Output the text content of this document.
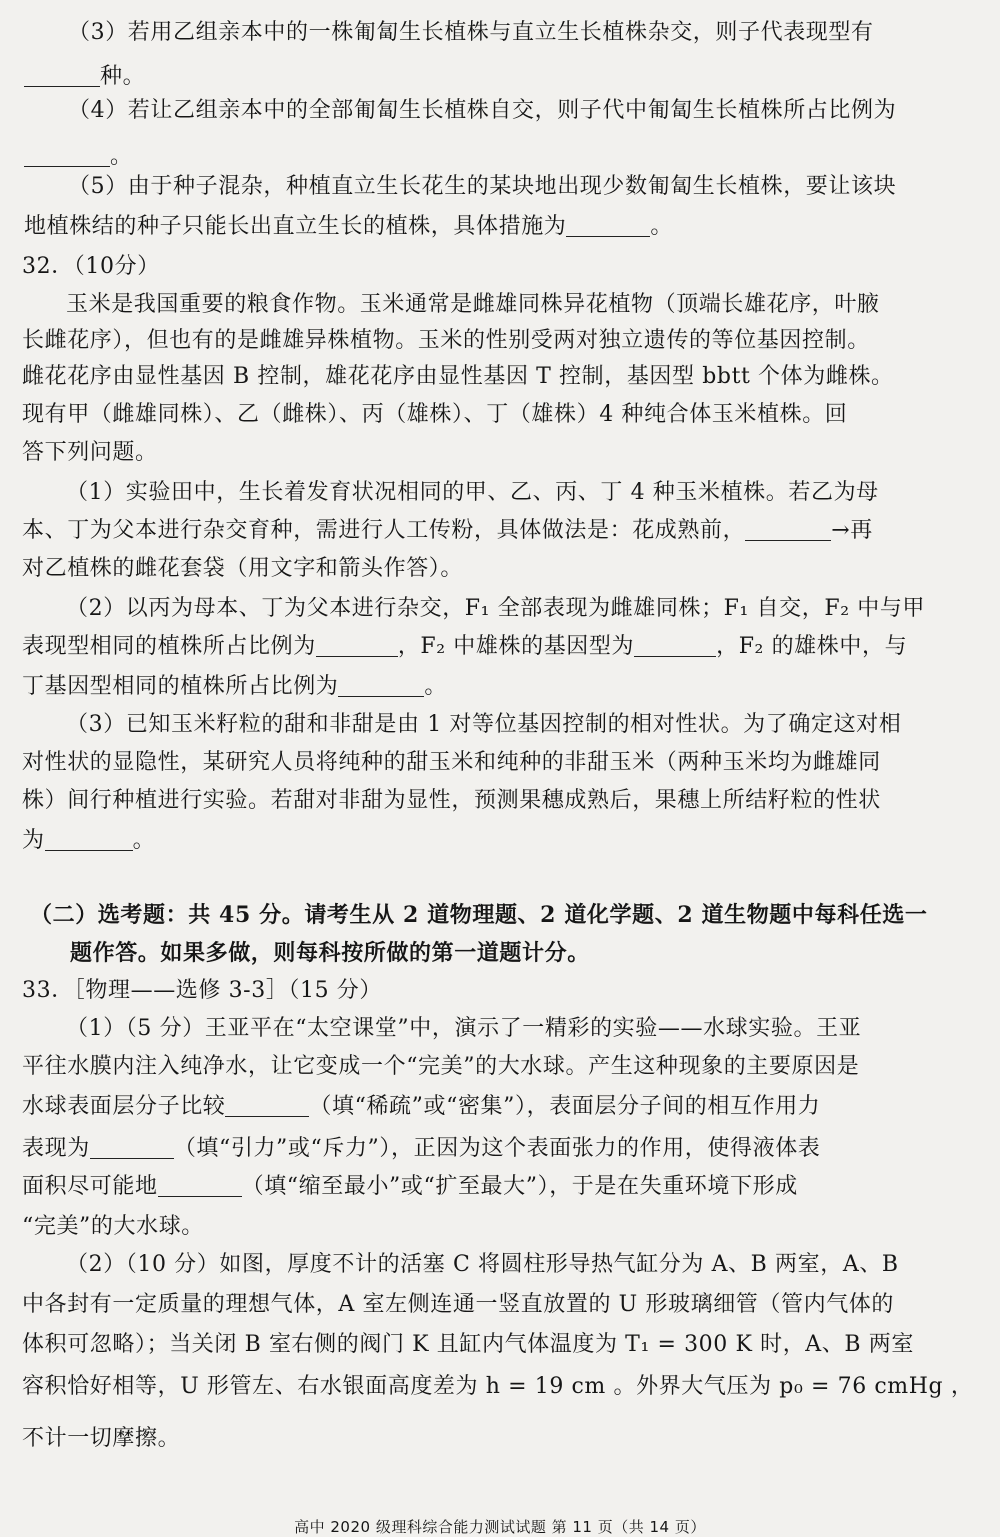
（3）若用乙组亲本中的一株匍匐生长植株与直立生长植株杂交，则子代表现型有
种。
（4）若让乙组亲本中的全部匍匐生长植株自交，则子代中匍匐生长植株所占比例为
。
（5）由于种子混杂，种植直立生长花生的某块地出现少数匍匐生长植株，要让该块
地植株结的种子只能长出直立生长的植株，具体措施为	。
32．（10分）
玉米是我国重要的粮食作物。玉米通常是雌雄同株异花植物（顶端长雄花序，叶腋
长雌花序），但也有的是雌雄异株植物。玉米的性别受两对独立遗传的等位基因控制。
雌花花序由显性基因 B 控制，雄花花序由显性基因 T 控制，基因型 bbtt 个体为雌株。
现有甲（雌雄同株）、乙（雌株）、丙（雄株）、丁（雄株）4 种纯合体玉米植株。回
答下列问题。
（1）实验田中，生长着发育状况相同的甲、乙、丙、丁 4 种玉米植株。若乙为母
本、丁为父本进行杂交育种，需进行人工传粉，具体做法是：花成熟前，	→再
对乙植株的雌花套袋（用文字和箭头作答）。
（2）以丙为母本、丁为父本进行杂交，F₁ 全部表现为雌雄同株；F₁ 自交，F₂ 中与甲
表现型相同的植株所占比例为	，F₂ 中雄株的基因型为	，F₂ 的雄株中，与
丁基因型相同的植株所占比例为	。
（3）已知玉米籽粒的甜和非甜是由 1 对等位基因控制的相对性状。为了确定这对相
对性状的显隐性，某研究人员将纯种的甜玉米和纯种的非甜玉米（两种玉米均为雌雄同
株）间行种植进行实验。若甜对非甜为显性，预测果穗成熟后，果穗上所结籽粒的性状
为	。
（二）选考题：共 45 分。请考生从 2 道物理题、2 道化学题、2 道生物题中每科任选一
题作答。如果多做，则每科按所做的第一道题计分。
33．［物理——选修 3-3］（15 分）
（1）（5 分）王亚平在“太空课堂”中，演示了一精彩的实验——水球实验。王亚
平往水膜内注入纯净水，让它变成一个“完美”的大水球。产生这种现象的主要原因是
水球表面层分子比较	（填“稀疏”或“密集”），表面层分子间的相互作用力
表现为	（填“引力”或“斥力”），正因为这个表面张力的作用，使得液体表
面积尽可能地	（填“缩至最小”或“扩至最大”），于是在失重环境下形成
“完美”的大水球。
（2）（10 分）如图，厚度不计的活塞 C 将圆柱形导热气缸分为 A、B 两室，A、B
中各封有一定质量的理想气体，A 室左侧连通一竖直放置的 U 形玻璃细管（管内气体的
体积可忽略）；当关闭 B 室右侧的阀门 K 且缸内气体温度为 T₁ = 300 K 时，A、B 两室
容积恰好相等，U 形管左、右水银面高度差为 h = 19 cm 。外界大气压为 p₀ = 76 cmHg ，
不计一切摩擦。
高中 2020 级理科综合能力测试试题 第 11 页（共 14 页）
